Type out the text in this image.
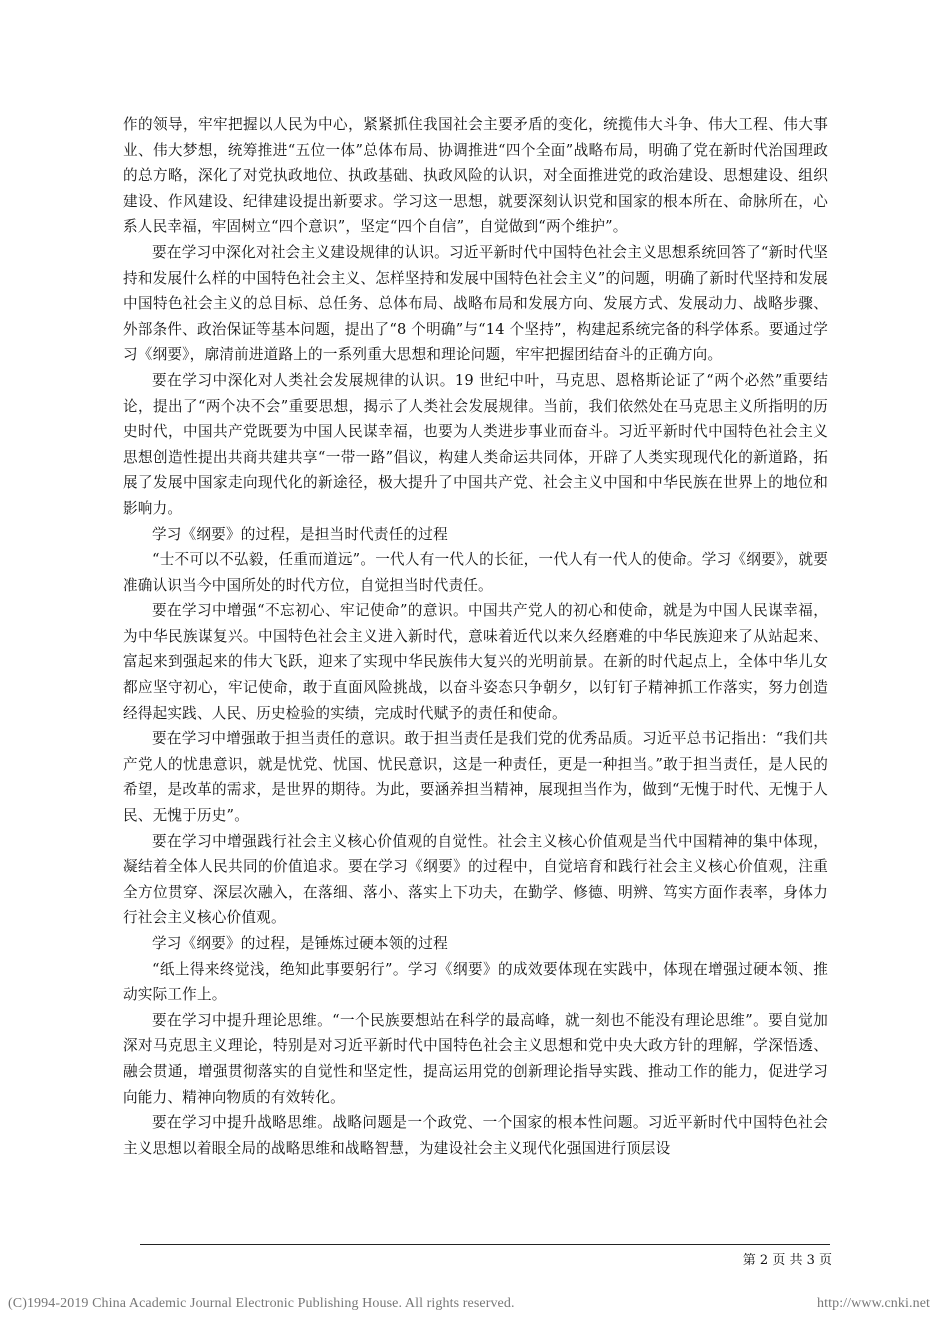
作的领导，牢牢把握以人民为中心，紧紧抓住我国社会主要矛盾的变化，统揽伟大斗争、伟大工程、伟大事业、伟大梦想，统筹推进“五位一体”总体布局、协调推进“四个全面”战略布局，明确了党在新时代治国理政的总方略，深化了对党执政地位、执政基础、执政风险的认识，对全面推进党的政治建设、思想建设、组织建设、作风建设、纪律建设提出新要求。学习这一思想，就要深刻认识党和国家的根本所在、命脉所在，心系人民幸福，牢固树立“四个意识”，坚定“四个自信”，自觉做到“两个维护”。

要在学习中深化对社会主义建设规律的认识。习近平新时代中国特色社会主义思想系统回答了“新时代坚持和发展什么样的中国特色社会主义、怎样坚持和发展中国特色社会主义”的问题，明确了新时代坚持和发展中国特色社会主义的总目标、总任务、总体布局、战略布局和发展方向、发展方式、发展动力、战略步骤、外部条件、政治保证等基本问题，提出了“8 个明确”与“14 个坚持”，构建起系统完备的科学体系。要通过学习《纲要》，廓清前进道路上的一系列重大思想和理论问题，牢牢把握团结奋斗的正确方向。

要在学习中深化对人类社会发展规律的认识。19 世纪中叶，马克思、恩格斯论证了“两个必然”重要结论，提出了“两个决不会”重要思想，揭示了人类社会发展规律。当前，我们依然处在马克思主义所指明的历史时代，中国共产党既要为中国人民谋幸福，也要为人类进步事业而奋斗。习近平新时代中国特色社会主义思想创造性提出共商共建共享“一带一路”倡议，构建人类命运共同体，开辟了人类实现现代化的新道路，拓展了发展中国家走向现代化的新途径，极大提升了中国共产党、社会主义中国和中华民族在世界上的地位和影响力。

学习《纲要》的过程，是担当时代责任的过程

“士不可以不弘毅，任重而道远”。一代人有一代人的长征，一代人有一代人的使命。学习《纲要》，就要准确认识当今中国所处的时代方位，自觉担当时代责任。

要在学习中增强“不忘初心、牢记使命”的意识。中国共产党人的初心和使命，就是为中国人民谋幸福，为中华民族谋复兴。中国特色社会主义进入新时代，意味着近代以来久经磨难的中华民族迎来了从站起来、富起来到强起来的伟大飞跃，迎来了实现中华民族伟大复兴的光明前景。在新的时代起点上，全体中华儿女都应坚守初心，牢记使命，敢于直面风险挑战，以奋斗姿态只争朝夕，以钉钉子精神抓工作落实，努力创造经得起实践、人民、历史检验的实绩，完成时代赋予的责任和使命。

要在学习中增强敢于担当责任的意识。敢于担当责任是我们党的优秀品质。习近平总书记指出：“我们共产党人的忧患意识，就是忧党、忧国、忧民意识，这是一种责任，更是一种担当。”敢于担当责任，是人民的希望，是改革的需求，是世界的期待。为此，要涵养担当精神，展现担当作为，做到“无愧于时代、无愧于人民、无愧于历史”。

要在学习中增强践行社会主义核心价值观的自觉性。社会主义核心价值观是当代中国精神的集中体现，凝结着全体人民共同的价值追求。要在学习《纲要》的过程中，自觉培育和践行社会主义核心价值观，注重全方位贯穿、深层次融入，在落细、落小、落实上下功夫，在勤学、修德、明辨、笃实方面作表率，身体力行社会主义核心价值观。

学习《纲要》的过程，是锤炼过硬本领的过程

“纸上得来终觉浅，绝知此事要躬行”。学习《纲要》的成效要体现在实践中，体现在增强过硬本领、推动实际工作上。

要在学习中提升理论思维。“一个民族要想站在科学的最高峰，就一刻也不能没有理论思维”。要自觉加深对马克思主义理论，特别是对习近平新时代中国特色社会主义思想和党中央大政方针的理解，学深悟透、融会贯通，增强贯彻落实的自觉性和坚定性，提高运用党的创新理论指导实践、推动工作的能力，促进学习向能力、精神向物质的有效转化。

要在学习中提升战略思维。战略问题是一个政党、一个国家的根本性问题。习近平新时代中国特色社会主义思想以着眼全局的战略思维和战略智慧，为建设社会主义现代化强国进行顶层设

第 2 页 共 3 页
(C)1994-2019 China Academic Journal Electronic Publishing House. All rights reserved.	http://www.cnki.net
